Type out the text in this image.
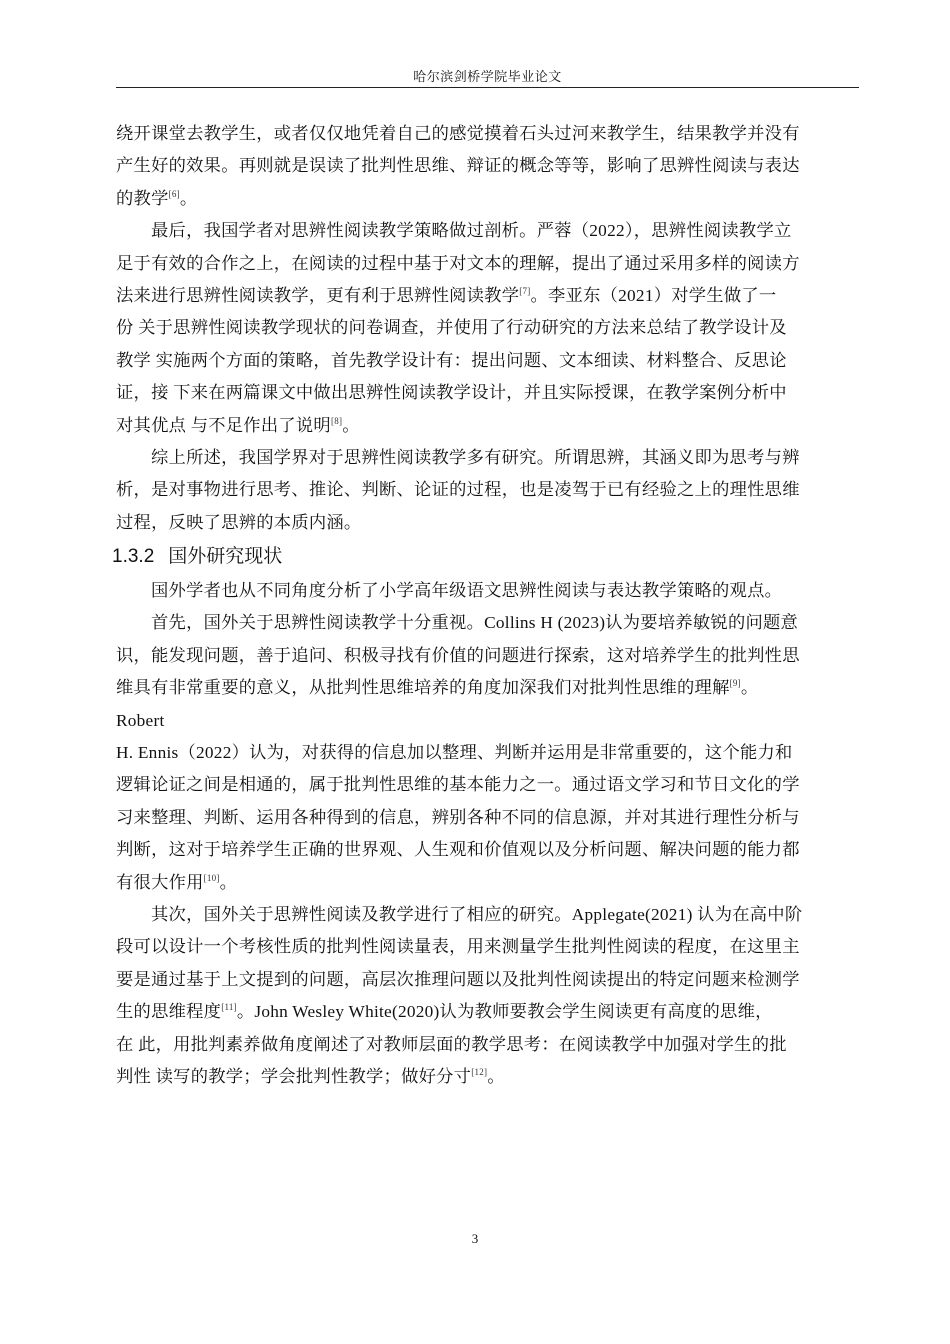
哈尔滨剑桥学院毕业论文
绕开课堂去教学生，或者仅仅地凭着自己的感觉摸着石头过河来教学生，结果教学并没有
产生好的效果。再则就是误读了批判性思维、辩证的概念等等，影响了思辨性阅读与表达
的教学[6]。
最后，我国学者对思辨性阅读教学策略做过剖析。严蓉（2022），思辨性阅读教学立
足于有效的合作之上，在阅读的过程中基于对文本的理解，提出了通过采用多样的阅读方
法来进行思辨性阅读教学，更有利于思辨性阅读教学[7]。李亚东（2021）对学生做了一
份 关于思辨性阅读教学现状的问卷调查，并使用了行动研究的方法来总结了教学设计及
教学 实施两个方面的策略，首先教学设计有：提出问题、文本细读、材料整合、反思论
证，接 下来在两篇课文中做出思辨性阅读教学设计，并且实际授课，在教学案例分析中
对其优点 与不足作出了说明[8]。
综上所述，我国学界对于思辨性阅读教学多有研究。所谓思辨，其涵义即为思考与辨
析，是对事物进行思考、推论、判断、论证的过程，也是凌驾于已有经验之上的理性思维
过程，反映了思辨的本质内涵。
1.3.2 国外研究现状
国外学者也从不同角度分析了小学高年级语文思辨性阅读与表达教学策略的观点。
首先，国外关于思辨性阅读教学十分重视。Collins H (2023)认为要培养敏锐的问题意
识，能发现问题，善于追问、积极寻找有价值的问题进行探索，这对培养学生的批判性思
维具有非常重要的意义，从批判性思维培养的角度加深我们对批判性思维的理解[9]。
Robert
H. Ennis（2022）认为，对获得的信息加以整理、判断并运用是非常重要的，这个能力和
逻辑论证之间是相通的，属于批判性思维的基本能力之一。通过语文学习和节日文化的学
习来整理、判断、运用各种得到的信息，辨别各种不同的信息源，并对其进行理性分析与
判断，这对于培养学生正确的世界观、人生观和价值观以及分析问题、解决问题的能力都
有很大作用[10]。
其次，国外关于思辨性阅读及教学进行了相应的研究。Applegate(2021) 认为在高中阶
段可以设计一个考核性质的批判性阅读量表，用来测量学生批判性阅读的程度，在这里主
要是通过基于上文提到的问题，高层次推理问题以及批判性阅读提出的特定问题来检测学
生的思维程度[11]。John Wesley White(2020)认为教师要教会学生阅读更有高度的思维，
在 此，用批判素养做角度阐述了对教师层面的教学思考：在阅读教学中加强对学生的批
判性 读写的教学；学会批判性教学；做好分寸[12]。
3
